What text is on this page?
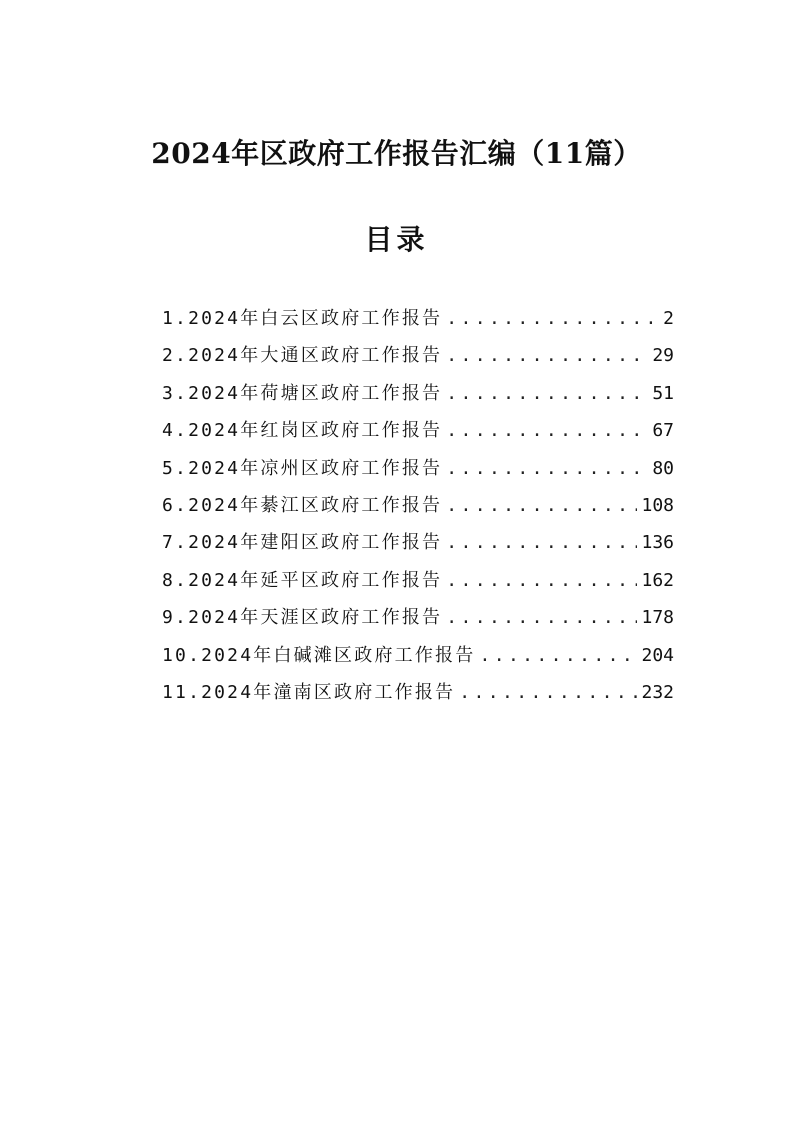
2024年区政府工作报告汇编（11篇）
目录
1.2024年白云区政府工作报告 .....	2
2.2024年大通区政府工作报告 .....	29
3.2024年荷塘区政府工作报告 .....	51
4.2024年红岗区政府工作报告 .....	67
5.2024年凉州区政府工作报告 .....	80
6.2024年綦江区政府工作报告 .....	108
7.2024年建阳区政府工作报告 .....	136
8.2024年延平区政府工作报告 .....	162
9.2024年天涯区政府工作报告 .....	178
10.2024年白碱滩区政府工作报告 .....	204
11.2024年潼南区政府工作报告 .....	232
